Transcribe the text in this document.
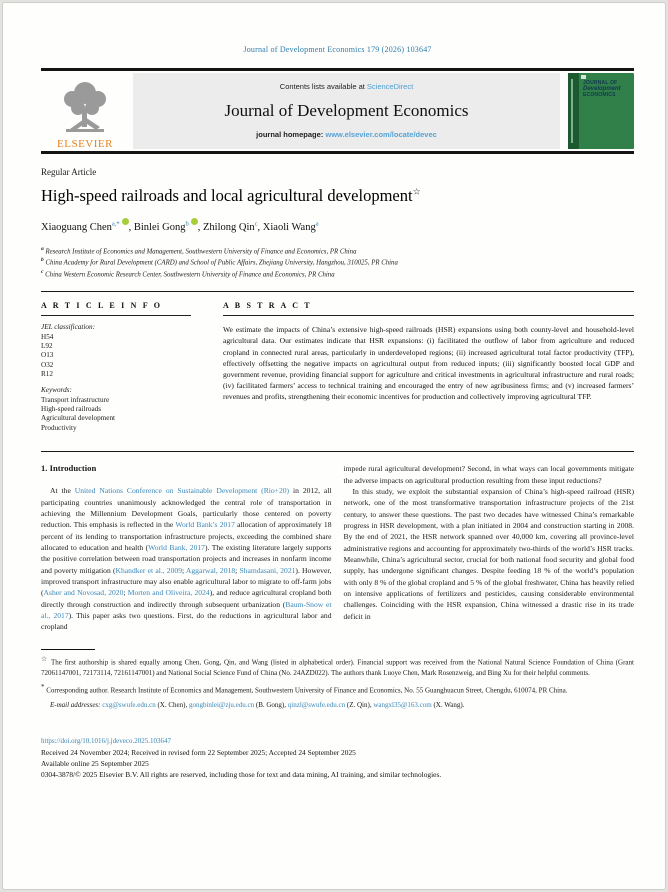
Journal of Development Economics 179 (2026) 103647
ELSEVIER
Contents lists available at ScienceDirect
Journal of Development Economics
journal homepage: www.elsevier.com/locate/devec
JOURNAL OF
Development
ECONOMICS
Regular Article
High-speed railroads and local agricultural development☆
Xiaoguang Chen$^{a,*}$ , Binlei Gong$^b$ , Zhilong Qin$^c$, Xiaoli Wang$^a$
$^a$ Research Institute of Economics and Management, Southwestern University of Finance and Economics, PR China
$^b$ China Academy for Rural Development (CARD) and School of Public Affairs, Zhejiang University, Hangzhou, 310025, PR China
$^c$ China Western Economic Research Center, Southwestern University of Finance and Economics, PR China
A R T I C L E I N F O
JEL classification:
H54
L92
O13
O32
R12
Keywords:
Transport infrastructure
High-speed railroads
Agricultural development
Productivity
A B S T R A C T
We estimate the impacts of China’s extensive high-speed railroads (HSR) expansions using both county-level and household-level agricultural data. Our estimates indicate that HSR expansions: (i) facilitated the outflow of labor from agriculture and reduced cropland in connected rural areas, particularly in underdeveloped regions; (ii) increased agricultural total factor productivity (TFP), effectively offsetting the negative impacts on agricultural output from reduced inputs; (iii) significantly boosted local GDP and government revenue, providing financial support for agriculture and critical investments in agricultural infrastructure and rural roads; (iv) facilitated farmers’ access to technical training and encouraged the entry of new agribusiness firms; and (v) increased farmers’ revenues and profits, strengthening their economic incentives for production and collectively improving agricultural TFP.
1. Introduction

At the United Nations Conference on Sustainable Development (Rio+20) in 2012, all participating countries unanimously acknowledged the central role of transportation in achieving the Millennium Development Goals, particularly those centered on poverty reduction. This emphasis is reflected in the World Bank’s 2017 allocation of approximately 18 percent of its lending to transportation infrastructure projects, exceeding the combined share allocated to education and health (World Bank, 2017). The existing literature largely supports the positive correlation between road transportation projects and increases in nonfarm income and poverty mitigation (Khandker et al., 2009; Aggarwal, 2018; Shamdasani, 2021). However, improved transport infrastructure may also enable agricultural labor to migrate to off-farm jobs (Asher and Novosad, 2020; Morten and Oliveira, 2024), and reduce agricultural cropland both directly through construction and indirectly through subsequent urbanization (Baum-Snow et al., 2017). This paper asks two questions. First, do the reductions in agricultural labor and cropland

impede rural agricultural development? Second, in what ways can local governments mitigate the adverse impacts on agricultural production resulting from these input reductions?

In this study, we exploit the substantial expansion of China’s high-speed railroad (HSR) network, one of the most transformative transportation infrastructure projects of the 21st century, to answer these questions. The past two decades have witnessed China’s remarkable progress in HSR development, with a plan initiated in 2004 and construction starting in 2008. By the end of 2021, the HSR network spanned over 40,000 km, covering all province-level administrative regions and accounting for approximately two-thirds of the world’s HSR tracks. Meanwhile, China’s agricultural sector, crucial for both national food security and global food supply, has undergone significant changes. Despite feeding 18 % of the world’s population with only 8 % of the global cropland and 5 % of the global freshwater, China has heavily relied on intensive applications of fertilizers and pesticides, causing considerable environmental challenges. Coinciding with the HSR expansion, China witnessed a drastic rise in its trade deficit in

☆ The first authorship is shared equally among Chen, Gong, Qin, and Wang (listed in alphabetical order). Financial support was received from the National Natural Science Foundation of China (Grant 72061147001, 72173114, 72161147001) and National Social Science Fund of China (No. 24AZD022). The authors thank Luoye Chen, Mark Rosenzweig, and Bing Xu for their helpful comments.

* Corresponding author. Research Institute of Economics and Management, Southwestern University of Finance and Economics, No. 55 Guanghuacun Street, Chengdu, 610074, PR China.

E-mail addresses: cxg@swufe.edu.cn (X. Chen), gongbinlei@zju.edu.cn (B. Gong), qinzl@swufe.edu.cn (Z. Qin), wangxl35@163.com (X. Wang).

https://doi.org/10.1016/j.jdeveco.2025.103647
Received 24 November 2024; Received in revised form 22 September 2025; Accepted 24 September 2025
Available online 25 September 2025
0304-3878/© 2025 Elsevier B.V. All rights are reserved, including those for text and data mining, AI training, and similar technologies.
